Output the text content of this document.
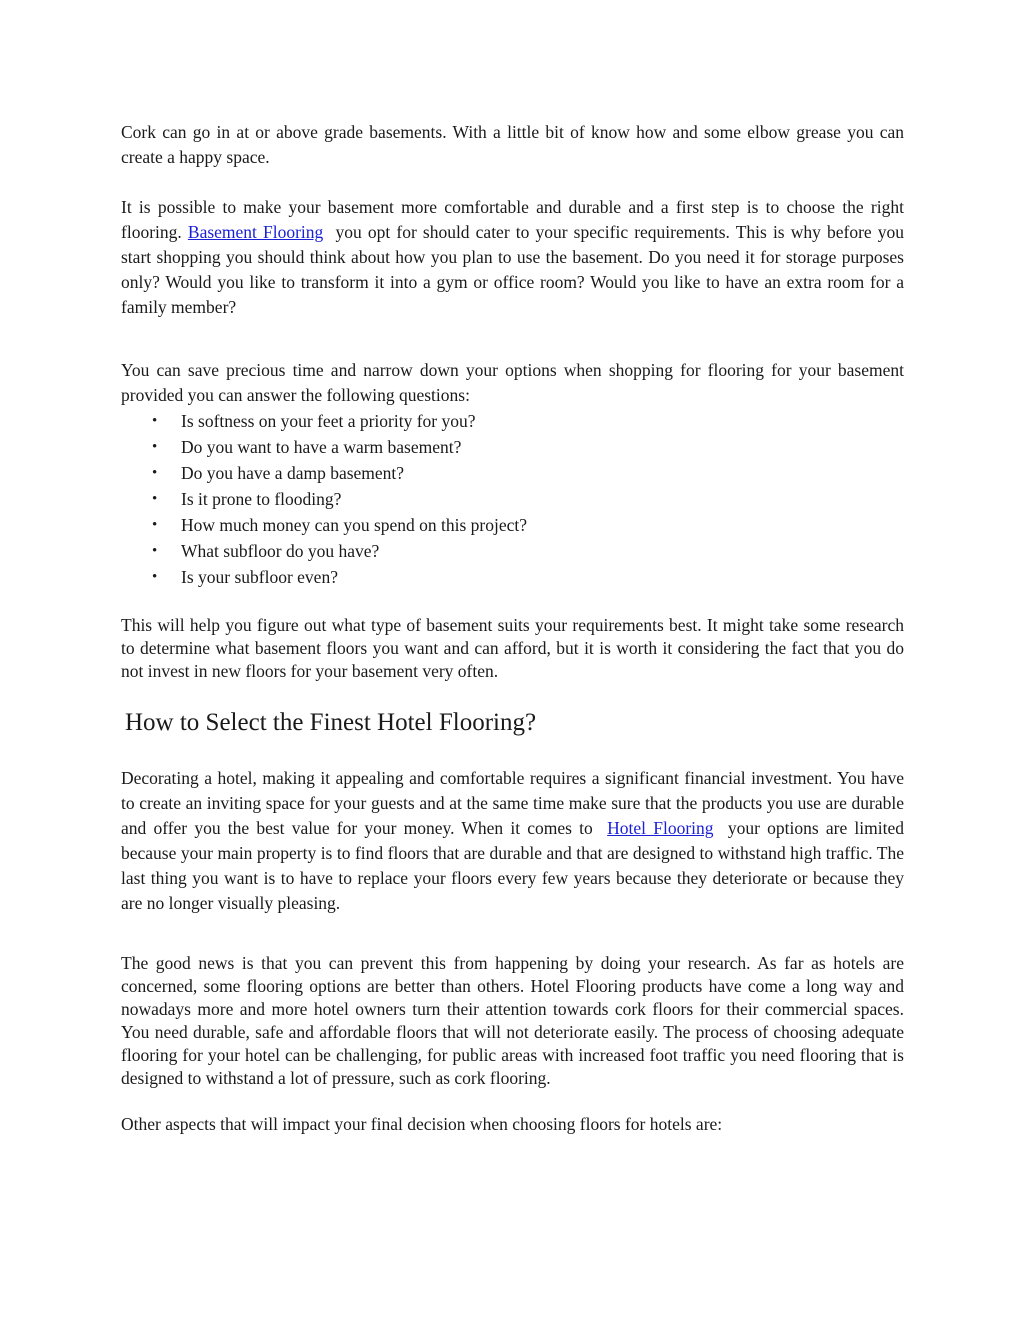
Cork can go in at or above grade basements. With a little bit of know how and some elbow grease you can create a happy space.

It is possible to make your basement more comfortable and durable and a first step is to choose the right flooring. Basement Flooring you opt for should cater to your specific requirements. This is why before you start shopping you should think about how you plan to use the basement. Do you need it for storage purposes only? Would you like to transform it into a gym or office room? Would you like to have an extra room for a family member?

You can save precious time and narrow down your options when shopping for flooring for your basement provided you can answer the following questions:

• Is softness on your feet a priority for you?
• Do you want to have a warm basement?
• Do you have a damp basement?
• Is it prone to flooding?
• How much money can you spend on this project?
• What subfloor do you have?
• Is your subfloor even?

This will help you figure out what type of basement suits your requirements best. It might take some research to determine what basement floors you want and can afford, but it is worth it considering the fact that you do not invest in new floors for your basement very often.

How to Select the Finest Hotel Flooring?

Decorating a hotel, making it appealing and comfortable requires a significant financial investment. You have to create an inviting space for your guests and at the same time make sure that the products you use are durable and offer you the best value for your money. When it comes to Hotel Flooring your options are limited because your main property is to find floors that are durable and that are designed to withstand high traffic. The last thing you want is to have to replace your floors every few years because they deteriorate or because they are no longer visually pleasing.

The good news is that you can prevent this from happening by doing your research. As far as hotels are concerned, some flooring options are better than others. Hotel Flooring products have come a long way and nowadays more and more hotel owners turn their attention towards cork floors for their commercial spaces. You need durable, safe and affordable floors that will not deteriorate easily. The process of choosing adequate flooring for your hotel can be challenging, for public areas with increased foot traffic you need flooring that is designed to withstand a lot of pressure, such as cork flooring.

Other aspects that will impact your final decision when choosing floors for hotels are:
